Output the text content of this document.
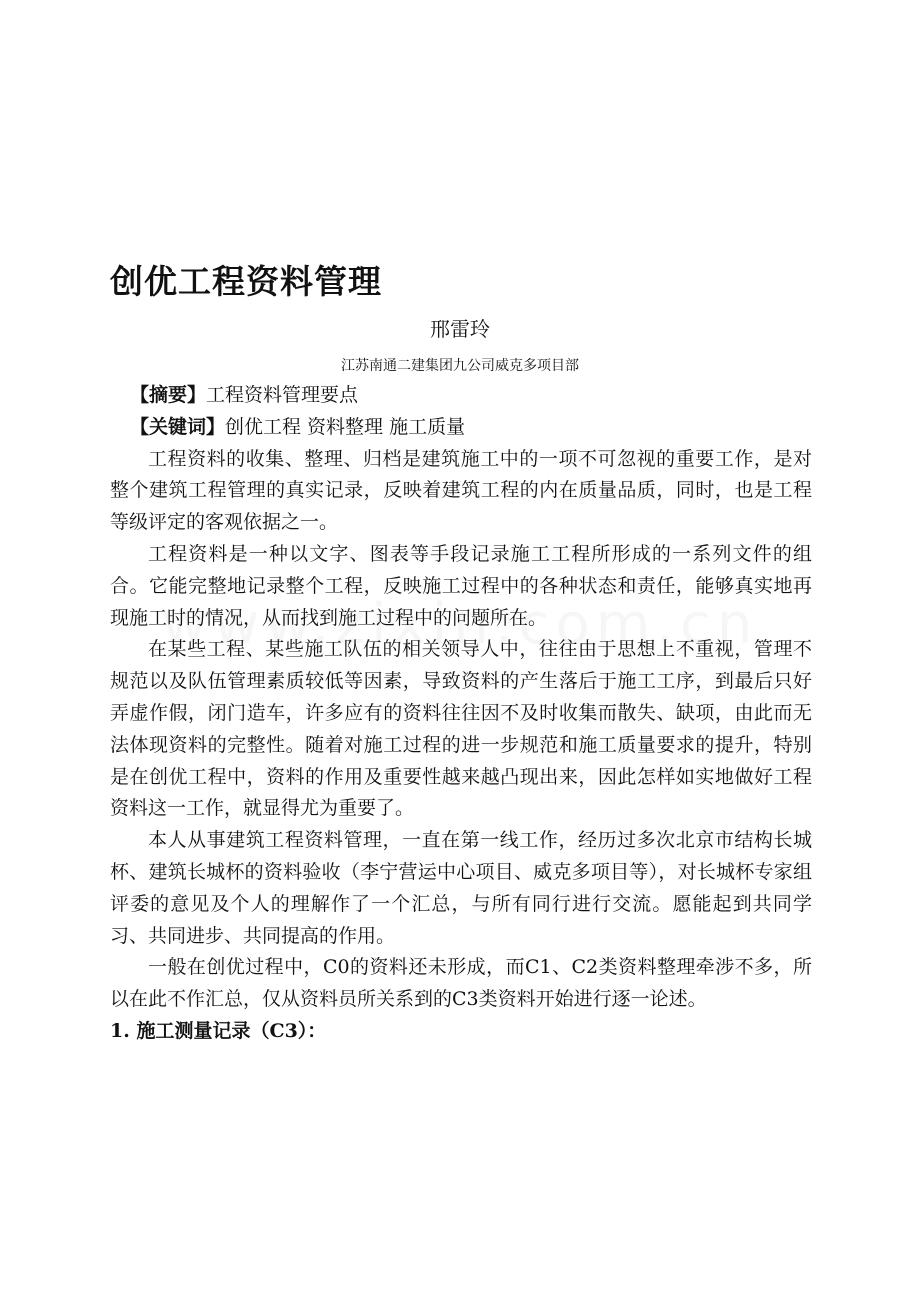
创优工程资料管理
邢雷玲
江苏南通二建集团九公司威克多项目部
【摘要】工程资料管理要点
【关键词】创优工程 资料整理 施工质量

工程资料的收集、整理、归档是建筑施工中的一项不可忽视的重要工作，是对整个建筑工程管理的真实记录，反映着建筑工程的内在质量品质，同时，也是工程等级评定的客观依据之一。

工程资料是一种以文字、图表等手段记录施工工程所形成的一系列文件的组合。它能完整地记录整个工程，反映施工过程中的各种状态和责任，能够真实地再现施工时的情况，从而找到施工过程中的问题所在。

在某些工程、某些施工队伍的相关领导人中，往往由于思想上不重视，管理不规范以及队伍管理素质较低等因素，导致资料的产生落后于施工工序，到最后只好弄虚作假，闭门造车，许多应有的资料往往因不及时收集而散失、缺项，由此而无法体现资料的完整性。随着对施工过程的进一步规范和施工质量要求的提升，特别是在创优工程中，资料的作用及重要性越来越凸现出来，因此怎样如实地做好工程资料这一工作，就显得尤为重要了。

本人从事建筑工程资料管理，一直在第一线工作，经历过多次北京市结构长城杯、建筑长城杯的资料验收（李宁营运中心项目、威克多项目等），对长城杯专家组评委的意见及个人的理解作了一个汇总，与所有同行进行交流。愿能起到共同学习、共同进步、共同提高的作用。

一般在创优过程中，C0的资料还未形成，而C1、C2类资料整理牵涉不多，所以在此不作汇总，仅从资料员所关系到的C3类资料开始进行逐一论述。

1. 施工测量记录（C3）：
